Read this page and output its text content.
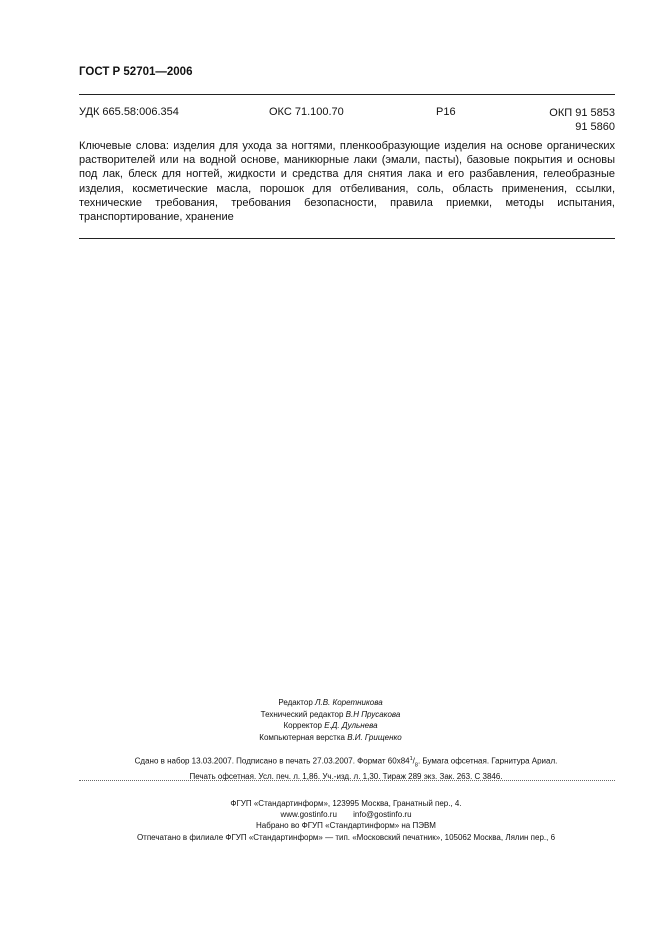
ГОСТ Р 52701—2006
УДК 665.58:006.354	ОКС 71.100.70	Р16	ОКП 91 5853
91 5860
Ключевые слова: изделия для ухода за ногтями, пленкообразующие изделия на основе органических растворителей или на водной основе, маникюрные лаки (эмали, пасты), базовые покрытия и основы под лак, блеск для ногтей, жидкости и средства для снятия лака и его разбавления, гелеобразные изделия, косметические масла, порошок для отбеливания, соль, область применения, ссылки, технические требования, требования безопасности, правила приемки, методы испытания, транспортирование, хранение
Редактор Л.В. Коретникова
Технический редактор В.Н Прусакова
Корректор Е.Д. Дульнева
Компьютерная верстка В.И. Грищенко
Сдано в набор 13.03.2007. Подписано в печать 27.03.2007. Формат $60х84^1/_8$. Бумага офсетная. Гарнитура Ариал.
Печать офсетная. Усл. печ. л. 1,86. Уч.-изд. л. 1,30. Тираж 289 экз. Зак. 263. С 3846.
ФГУП «Стандартинформ», 123995 Москва, Гранатный пер., 4.
www.gostinfo.ru info@gostinfo.ru
Набрано во ФГУП «Стандартинформ» на ПЭВМ
Отпечатано в филиале ФГУП «Стандартинформ» — тип. «Московский печатник», 105062 Москва, Лялин пер., 6
